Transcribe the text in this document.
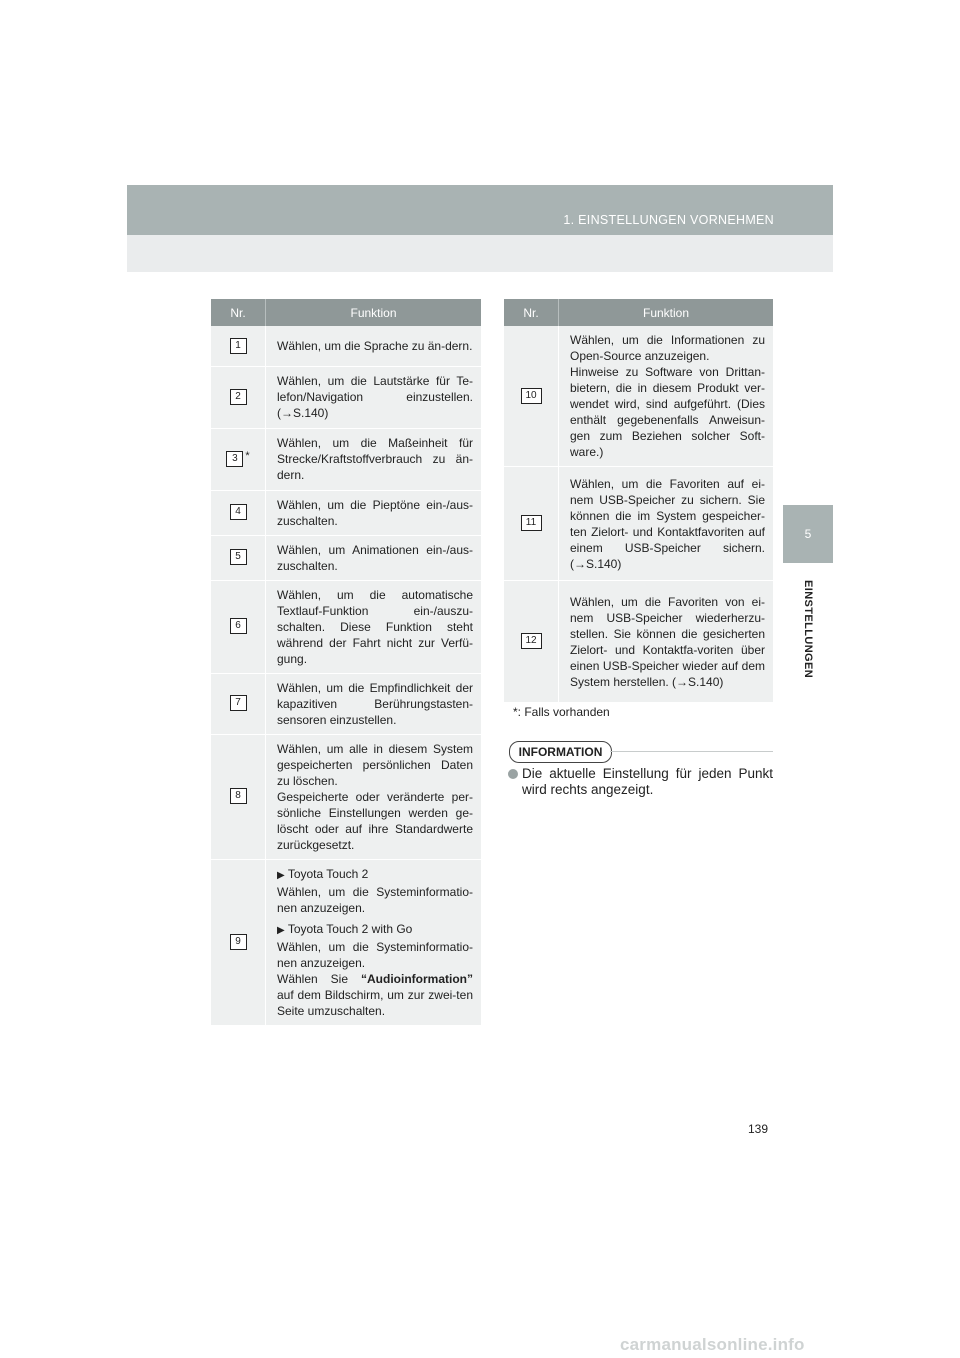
1. EINSTELLUNGEN VORNEHMEN
5
EINSTELLUNGEN
Nr.	Funktion
1	Wählen, um die Sprache zu än-dern.

2	Wählen, um die Lautstärke für Te-lefon/Navigation einzustellen. (→S.140)

3 *	Wählen, um die Maßeinheit für Strecke/Kraftstoffverbrauch zu än-dern.

4	Wählen, um die Pieptöne ein-/aus-zuschalten.

5	Wählen, um Animationen ein-/aus-zuschalten.

6	Wählen, um die automatische Textlauf-Funktion ein-/auszu-schalten. Diese Funktion steht während der Fahrt nicht zur Verfü-gung.

7	Wählen, um die Empfindlichkeit der kapazitiven Berührungstasten-sensoren einzustellen.

8	Wählen, um alle in diesem System gespeicherten persönlichen Daten zu löschen.

Gespeicherte oder veränderte per-sönliche Einstellungen werden ge-löscht oder auf ihre Standardwerte zurückgesetzt.

9	▶ Toyota Touch 2

Wählen, um die Systeminformatio-nen anzuzeigen.

▶ Toyota Touch 2 with Go

Wählen, um die Systeminformatio-nen anzuzeigen.

Wählen Sie “Audioinformation” auf dem Bildschirm, um zur zwei-ten Seite umzuschalten.

Nr.	Funktion
10	Wählen, um die Informationen zu Open-Source anzuzeigen.

Hinweise zu Software von Drittan-bietern, die in diesem Produkt ver-wendet wird, sind aufgeführt. (Dies enthält gegebenenfalls Anweisun-gen zum Beziehen solcher Soft-ware.)

11	Wählen, um die Favoriten auf ei-nem USB-Speicher zu sichern. Sie können die im System gespeicher-ten Zielort- und Kontaktfavoriten auf einem USB-Speicher sichern. (→S.140)

12	Wählen, um die Favoriten von ei-nem USB-Speicher wiederherzu-stellen. Sie können die gesicherten Zielort- und Kontaktfa-voriten über einen USB-Speicher wieder auf dem System herstellen. (→S.140)

*: Falls vorhanden
INFORMATION
Die aktuelle Einstellung für jeden Punkt wird rechts angezeigt.
139
carmanualsonline.info
